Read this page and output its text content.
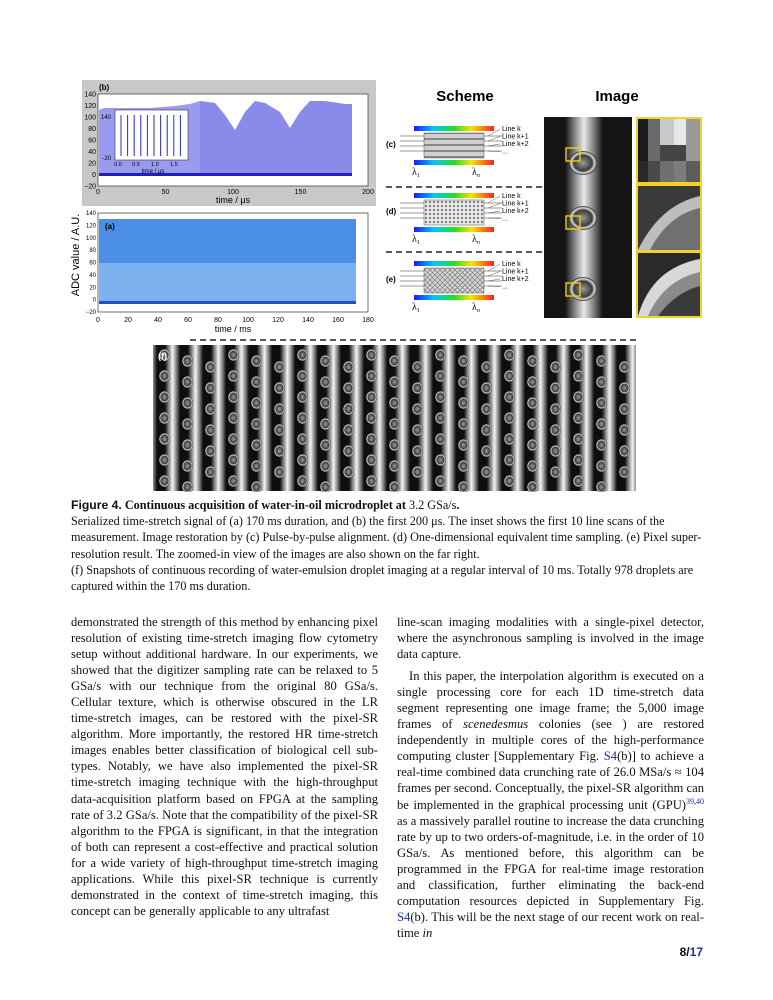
140
-20
0.0 0.5 1.0 1.5
time / μs
(b)
140
120
100
80
60
40
20
0
−20
0	50	100	150	200
time / μs
(a)
140
120
100
80
60
40
20
0
−20
0	20	40	60	80	100	120	140	160	180
time / ms
ADC value / A.U.
Scheme	Image
(c)
Line k
Line k+1
Line k+2
...
$\lambda_1$	$\lambda_n$
(d)
Line k
Line k+1
Line k+2
...
$\lambda_1$	$\lambda_n$
(e)
Line k
Line k+1
Line k+2
...
$\lambda_1$	$\lambda_n$
(f)

Figure 4. Continuous acquisition of water-in-oil microdroplet at 3.2 GSa/s.

Serialized time-stretch signal of (a) 170 ms duration, and (b) the first 200 μs. The inset shows the first 10 line scans of the measurement. Image restoration by (c) Pulse-by-pulse alignment. (d) One-dimensional equivalent time sampling. (e) Pixel super-resolution result. The zoomed-in view of the images are also shown on the far right.

(f) Snapshots of continuous recording of water-emulsion droplet imaging at a regular interval of 10 ms. Totally 978 droplets are captured within the 170 ms duration.

demonstrated the strength of this method by enhancing pixel resolution of existing time-stretch imaging flow cytometry setup without additional hardware. In our experiments, we showed that the digitizer sampling rate can be relaxed to 5 GSa/s with our technique from the original 80 GSa/s. Cellular texture, which is otherwise obscured in the LR time-stretch images, can be restored with the pixel-SR algorithm. More importantly, the restored HR time-stretch images enables better classification of biological cell sub-types. Notably, we have also implemented the pixel-SR time-stretch imaging technique with the high-throughput data-acquisition platform based on FPGA at the sampling rate of 3.2 GSa/s. Note that the compatibility of the pixel-SR algorithm to the FPGA is significant, in that the integration of both can represent a cost-effective and practical solution for a wide variety of high-throughput time-stretch imaging applications. While this pixel-SR technique is currently demonstrated in the context of time-stretch imaging, this concept can be generally applicable to any ultrafast

line-scan imaging modalities with a single-pixel detector, where the asynchronous sampling is involved in the image data capture.

In this paper, the interpolation algorithm is executed on a single processing core for each 1D time-stretch data segment representing one image frame; the 5,000 image frames of scenedesmus colonies (see ) are restored independently in multiple cores of the high-performance computing cluster [Supplementary Fig. S4(b)] to achieve a real-time combined data crunching rate of 26.0 MSa/s ≈ 104 frames per second. Conceptually, the pixel-SR algorithm can be implemented in the graphical processing unit (GPU)$^{39,40}$ as a massively parallel routine to increase the data crunching rate by up to two orders-of-magnitude, i.e. in the order of 10 GSa/s. As mentioned before, this algorithm can be programmed in the FPGA for real-time image restoration and classification, further eliminating the back-end computation resources depicted in Supplementary Fig. S4(b). This will be the next stage of our recent work on real-time in

8/17
